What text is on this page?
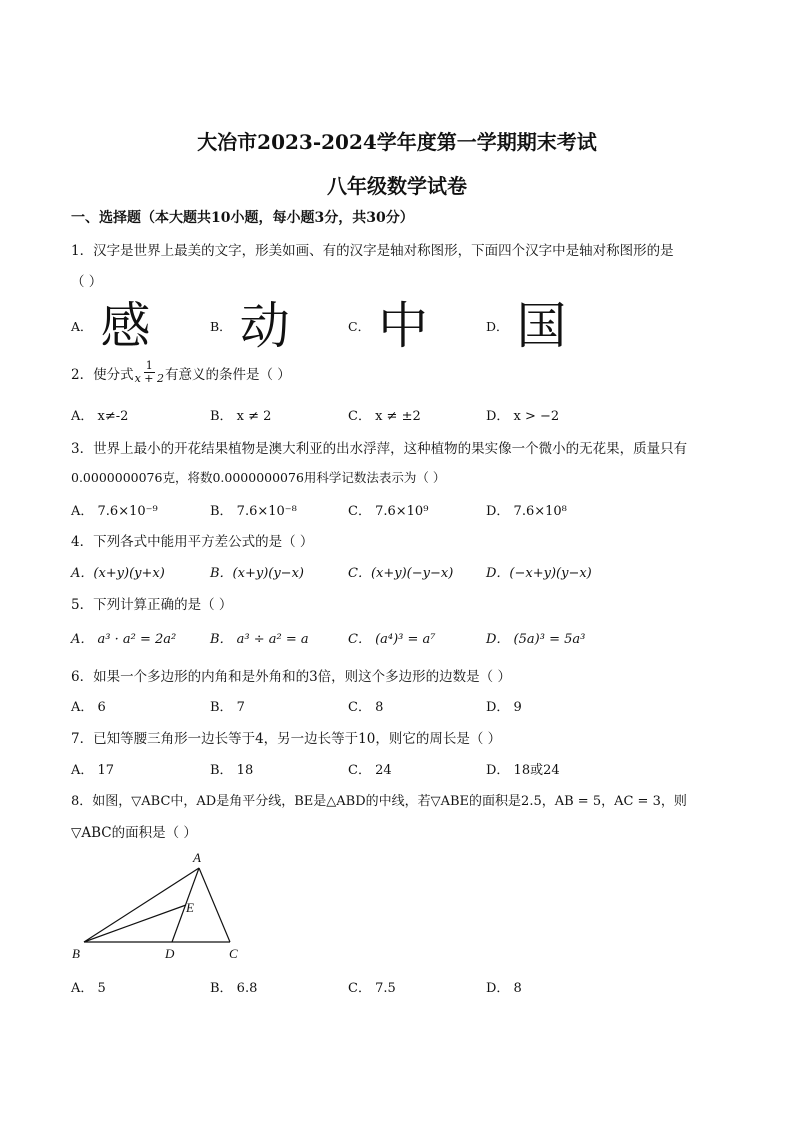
大冶市2023-2024学年度第一学期期末考试
八年级数学试卷
一、选择题（本大题共10小题，每小题3分，共30分）
1．汉字是世界上最美的文字，形美如画、有的汉字是轴对称图形，下面四个汉字中是轴对称图形的是
（ ）
A． 感	B． 动	C． 中	D． 国
2．使分式 $\frac{1}{x + 2}$ 有意义的条件是（ ）
A． x≠-2	B． x ≠ 2	C． x ≠ ±2	D． x > −2
3．世界上最小的开花结果植物是澳大利亚的出水浮萍，这种植物的果实像一个微小的无花果，质量只有
0.0000000076克，将数0.0000000076用科学记数法表示为（ ）
A． 7.6×10⁻⁹	B． 7.6×10⁻⁸	C． 7.6×10⁹	D． 7.6×10⁸
4．下列各式中能用平方差公式的是（ ）
A．(x+y)(y+x)	B．(x+y)(y−x)	C．(x+y)(−y−x)	D．(−x+y)(y−x)
5．下列计算正确的是（ ）
A． a³ · a² = 2a²	B． a³ ÷ a² = a	C． (a⁴)³ = a⁷	D． (5a)³ = 5a³
6．如果一个多边形的内角和是外角和的3倍，则这个多边形的边数是（ ）
A． 6	B． 7	C． 8	D． 9
7．已知等腰三角形一边长等于4，另一边长等于10，则它的周长是（ ）
A． 17	B． 18	C． 24	D． 18或24
8．如图，▽ABC中，AD是角平分线，BE是△ABD的中线，若▽ABE的面积是2.5，AB = 5，AC = 3，则
▽ABC的面积是（ ）
A
B	C
D
E
A． 5	B． 6.8	C． 7.5	D． 8
